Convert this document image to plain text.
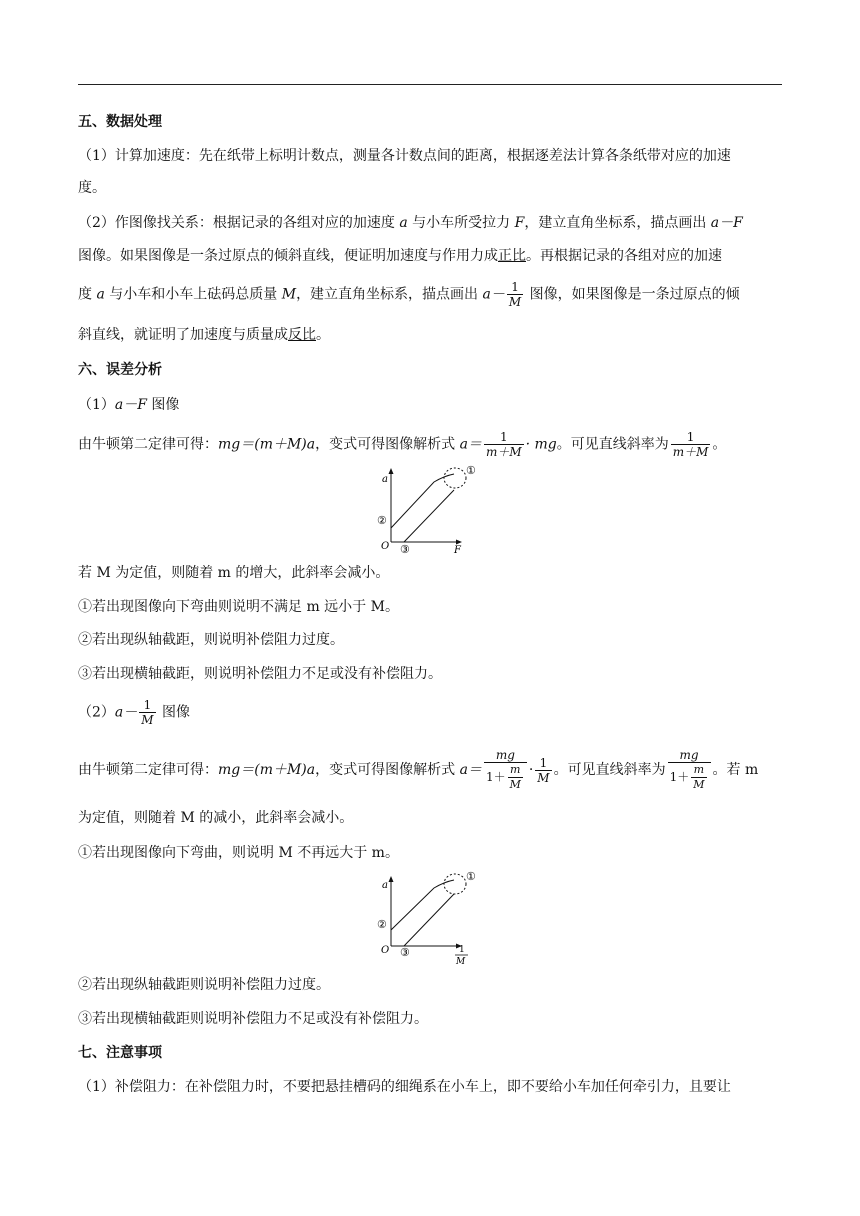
五、数据处理
（1）计算加速度：先在纸带上标明计数点，测量各计数点间的距离，根据逐差法计算各条纸带对应的加速
度。
（2）作图像找关系：根据记录的各组对应的加速度 a 与小车所受拉力 F，建立直角坐标系，描点画出 a－F
图像。如果图像是一条过原点的倾斜直线，便证明加速度与作用力成正比。再根据记录的各组对应的加速
度 a 与小车和小车上砝码总质量 M，建立直角坐标系，描点画出 $a- \frac{1}{M}$ 图像，如果图像是一条过原点的倾
斜直线，就证明了加速度与质量成反比。
六、误差分析
（1）a－F 图像
由牛顿第二定律可得：mg＝(m＋M)a，变式可得图像解析式 $a= \frac{1}{m+M}$ · mg。可见直线斜率为 $\frac{1}{m+M}$ 。
a
O	F
①
②
③
若 M 为定值，则随着 m 的增大，此斜率会减小。
①若出现图像向下弯曲则说明不满足 m 远小于 M。
②若出现纵轴截距，则说明补偿阻力过度。
③若出现横轴截距，则说明补偿阻力不足或没有补偿阻力。
$(2)a- \frac{1}{M}$ 图像
由牛顿第二定律可得：mg＝(m＋M)a，变式可得图像解析式 $a= \frac{mg}{1+ \frac{m}{M}} \cdot \frac{1}{M}$ 。可见直线斜率为 $\frac{mg}{1+ \frac{m}{M}}$ 。若 m
为定值，则随着 M 的减小，此斜率会减小。
①若出现图像向下弯曲，则说明 M 不再远大于 m。
a
O
①
②
③	1
M
②若出现纵轴截距则说明补偿阻力过度。
③若出现横轴截距则说明补偿阻力不足或没有补偿阻力。
七、注意事项
（1）补偿阻力：在补偿阻力时，不要把悬挂槽码的细绳系在小车上，即不要给小车加任何牵引力，且要让
